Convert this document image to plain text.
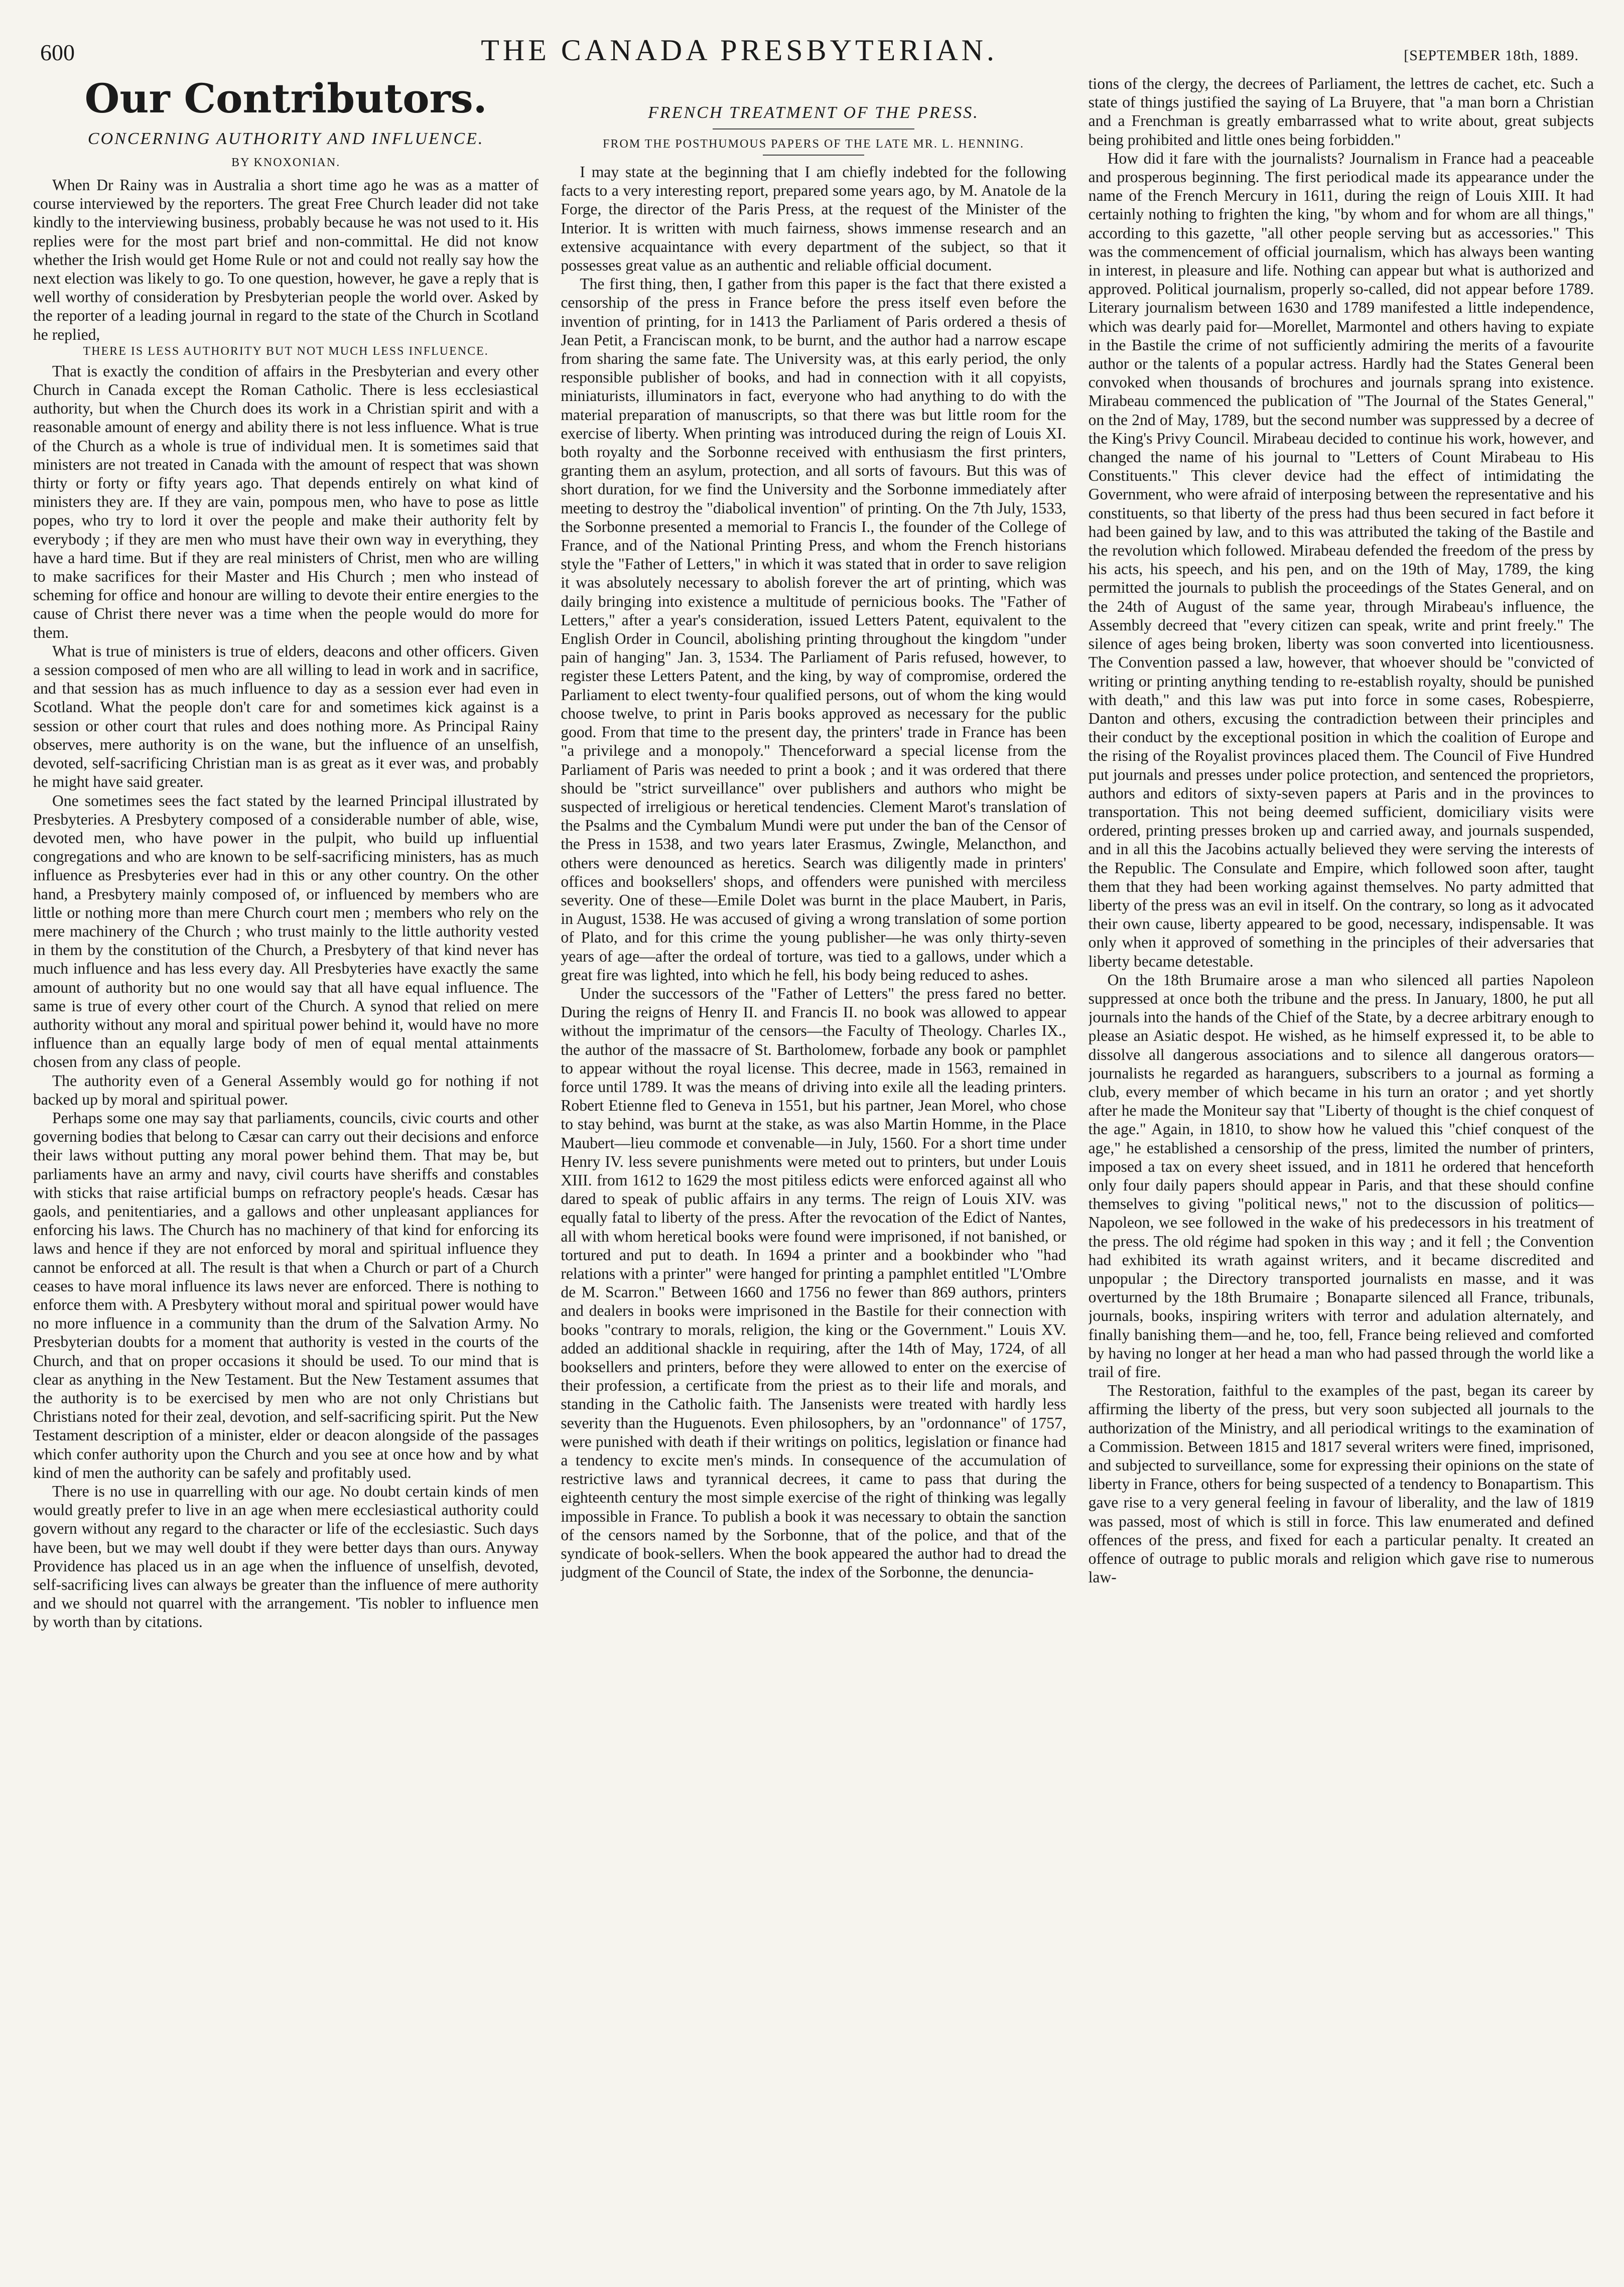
600	THE CANADA PRESBYTERIAN.	[SEPTEMBER 18th, 1889.
Our Contributors.
CONCERNING AUTHORITY AND INFLUENCE.
BY KNOXONIAN.

When Dr Rainy was in Australia a short time ago he was as a matter of course interviewed by the reporters. The great Free Church leader did not take kindly to the interviewing business, probably because he was not used to it. His replies were for the most part brief and non-committal. He did not know whether the Irish would get Home Rule or not and could not really say how the next election was likely to go. To one question, however, he gave a reply that is well worthy of consideration by Presbyterian people the world over. Asked by the reporter of a leading journal in regard to the state of the Church in Scotland he replied,

THERE IS LESS AUTHORITY BUT NOT MUCH LESS INFLUENCE.

That is exactly the condition of affairs in the Presbyterian and every other Church in Canada except the Roman Catholic. There is less ecclesiastical authority, but when the Church does its work in a Christian spirit and with a reasonable amount of energy and ability there is not less influence. What is true of the Church as a whole is true of individual men. It is sometimes said that ministers are not treated in Canada with the amount of respect that was shown thirty or forty or fifty years ago. That depends entirely on what kind of ministers they are. If they are vain, pompous men, who have to pose as little popes, who try to lord it over the people and make their authority felt by everybody ; if they are men who must have their own way in everything, they have a hard time. But if they are real ministers of Christ, men who are willing to make sacrifices for their Master and His Church ; men who instead of scheming for office and honour are willing to devote their entire energies to the cause of Christ there never was a time when the people would do more for them.

What is true of ministers is true of elders, deacons and other officers. Given a session composed of men who are all willing to lead in work and in sacrifice, and that session has as much influence to day as a session ever had even in Scotland. What the people don't care for and sometimes kick against is a session or other court that rules and does nothing more. As Principal Rainy observes, mere authority is on the wane, but the influence of an unselfish, devoted, self-sacrificing Christian man is as great as it ever was, and probably he might have said greater.

One sometimes sees the fact stated by the learned Principal illustrated by Presbyteries. A Presbytery composed of a considerable number of able, wise, devoted men, who have power in the pulpit, who build up influential congregations and who are known to be self-sacrificing ministers, has as much influence as Presbyteries ever had in this or any other country. On the other hand, a Presbytery mainly composed of, or influenced by members who are little or nothing more than mere Church court men ; members who rely on the mere machinery of the Church ; who trust mainly to the little authority vested in them by the constitution of the Church, a Presbytery of that kind never has much influence and has less every day. All Presbyteries have exactly the same amount of authority but no one would say that all have equal influence. The same is true of every other court of the Church. A synod that relied on mere authority without any moral and spiritual power behind it, would have no more influence than an equally large body of men of equal mental attainments chosen from any class of people.

The authority even of a General Assembly would go for nothing if not backed up by moral and spiritual power.

Perhaps some one may say that parliaments, councils, civic courts and other governing bodies that belong to Cæsar can carry out their decisions and enforce their laws without putting any moral power behind them. That may be, but parliaments have an army and navy, civil courts have sheriffs and constables with sticks that raise artificial bumps on refractory people's heads. Cæsar has gaols, and penitentiaries, and a gallows and other unpleasant appliances for enforcing his laws. The Church has no machinery of that kind for enforcing its laws and hence if they are not enforced by moral and spiritual influence they cannot be enforced at all. The result is that when a Church or part of a Church ceases to have moral influence its laws never are enforced. There is nothing to enforce them with. A Presbytery without moral and spiritual power would have no more influence in a community than the drum of the Salvation Army. No Presbyterian doubts for a moment that authority is vested in the courts of the Church, and that on proper occasions it should be used. To our mind that is clear as anything in the New Testament. But the New Testament assumes that the authority is to be exercised by men who are not only Christians but Christians noted for their zeal, devotion, and self-sacrificing spirit. Put the New Testament description of a minister, elder or deacon alongside of the passages which confer authority upon the Church and you see at once how and by what kind of men the authority can be safely and profitably used.

There is no use in quarrelling with our age. No doubt certain kinds of men would greatly prefer to live in an age when mere ecclesiastical authority could govern without any regard to the character or life of the ecclesiastic. Such days have been, but we may well doubt if they were better days than ours. Anyway Providence has placed us in an age when the influence of unselfish, devoted, self-sacrificing lives can always be greater than the influence of mere authority and we should not quarrel with the arrangement. 'Tis nobler to influence men by worth than by citations.

FRENCH TREATMENT OF THE PRESS.
FROM THE POSTHUMOUS PAPERS OF THE LATE MR. L. HENNING.

I may state at the beginning that I am chiefly indebted for the following facts to a very interesting report, prepared some years ago, by M. Anatole de la Forge, the director of the Paris Press, at the request of the Minister of the Interior. It is written with much fairness, shows immense research and an extensive acquaintance with every department of the subject, so that it possesses great value as an authentic and reliable official document.

The first thing, then, I gather from this paper is the fact that there existed a censorship of the press in France before the press itself even before the invention of printing, for in 1413 the Parliament of Paris ordered a thesis of Jean Petit, a Franciscan monk, to be burnt, and the author had a narrow escape from sharing the same fate. The University was, at this early period, the only responsible publisher of books, and had in connection with it all copyists, miniaturists, illuminators in fact, everyone who had anything to do with the material preparation of manuscripts, so that there was but little room for the exercise of liberty. When printing was introduced during the reign of Louis XI. both royalty and the Sorbonne received with enthusiasm the first printers, granting them an asylum, protection, and all sorts of favours. But this was of short duration, for we find the University and the Sorbonne immediately after meeting to destroy the "diabolical invention" of printing. On the 7th July, 1533, the Sorbonne presented a memorial to Francis I., the founder of the College of France, and of the National Printing Press, and whom the French historians style the "Father of Letters," in which it was stated that in order to save religion it was absolutely necessary to abolish forever the art of printing, which was daily bringing into existence a multitude of pernicious books. The "Father of Letters," after a year's consideration, issued Letters Patent, equivalent to the English Order in Council, abolishing printing throughout the kingdom "under pain of hanging" Jan. 3, 1534. The Parliament of Paris refused, however, to register these Letters Patent, and the king, by way of compromise, ordered the Parliament to elect twenty-four qualified persons, out of whom the king would choose twelve, to print in Paris books approved as necessary for the public good. From that time to the present day, the printers' trade in France has been "a privilege and a monopoly." Thenceforward a special license from the Parliament of Paris was needed to print a book ; and it was ordered that there should be "strict surveillance" over publishers and authors who might be suspected of irreligious or heretical tendencies. Clement Marot's translation of the Psalms and the Cymbalum Mundi were put under the ban of the Censor of the Press in 1538, and two years later Erasmus, Zwingle, Melancthon, and others were denounced as heretics. Search was diligently made in printers' offices and booksellers' shops, and offenders were punished with merciless severity. One of these—Emile Dolet was burnt in the place Maubert, in Paris, in August, 1538. He was accused of giving a wrong translation of some portion of Plato, and for this crime the young publisher—he was only thirty-seven years of age—after the ordeal of torture, was tied to a gallows, under which a great fire was lighted, into which he fell, his body being reduced to ashes.

Under the successors of the "Father of Letters" the press fared no better. During the reigns of Henry II. and Francis II. no book was allowed to appear without the imprimatur of the censors—the Faculty of Theology. Charles IX., the author of the massacre of St. Bartholomew, forbade any book or pamphlet to appear without the royal license. This decree, made in 1563, remained in force until 1789. It was the means of driving into exile all the leading printers. Robert Etienne fled to Geneva in 1551, but his partner, Jean Morel, who chose to stay behind, was burnt at the stake, as was also Martin Homme, in the Place Maubert—lieu commode et convenable—in July, 1560. For a short time under Henry IV. less severe punishments were meted out to printers, but under Louis XIII. from 1612 to 1629 the most pitiless edicts were enforced against all who dared to speak of public affairs in any terms. The reign of Louis XIV. was equally fatal to liberty of the press. After the revocation of the Edict of Nantes, all with whom heretical books were found were imprisoned, if not banished, or tortured and put to death. In 1694 a printer and a bookbinder who "had relations with a printer" were hanged for printing a pamphlet entitled "L'Ombre de M. Scarron." Between 1660 and 1756 no fewer than 869 authors, printers and dealers in books were imprisoned in the Bastile for their connection with books "contrary to morals, religion, the king or the Government." Louis XV. added an additional shackle in requiring, after the 14th of May, 1724, of all booksellers and printers, before they were allowed to enter on the exercise of their profession, a certificate from the priest as to their life and morals, and standing in the Catholic faith. The Jansenists were treated with hardly less severity than the Huguenots. Even philosophers, by an "ordonnance" of 1757, were punished with death if their writings on politics, legislation or finance had a tendency to excite men's minds. In consequence of the accumulation of restrictive laws and tyrannical decrees, it came to pass that during the eighteenth century the most simple exercise of the right of thinking was legally impossible in France. To publish a book it was necessary to obtain the sanction of the censors named by the Sorbonne, that of the police, and that of the syndicate of book-sellers. When the book appeared the author had to dread the judgment of the Council of State, the index of the Sorbonne, the denuncia-

tions of the clergy, the decrees of Parliament, the lettres de cachet, etc. Such a state of things justified the saying of La Bruyere, that "a man born a Christian and a Frenchman is greatly embarrassed what to write about, great subjects being prohibited and little ones being forbidden."

How did it fare with the journalists? Journalism in France had a peaceable and prosperous beginning. The first periodical made its appearance under the name of the French Mercury in 1611, during the reign of Louis XIII. It had certainly nothing to frighten the king, "by whom and for whom are all things," according to this gazette, "all other people serving but as accessories." This was the commencement of official journalism, which has always been wanting in interest, in pleasure and life. Nothing can appear but what is authorized and approved. Political journalism, properly so-called, did not appear before 1789. Literary journalism between 1630 and 1789 manifested a little independence, which was dearly paid for—Morellet, Marmontel and others having to expiate in the Bastile the crime of not sufficiently admiring the merits of a favourite author or the talents of a popular actress. Hardly had the States General been convoked when thousands of brochures and journals sprang into existence. Mirabeau commenced the publication of "The Journal of the States General," on the 2nd of May, 1789, but the second number was suppressed by a decree of the King's Privy Council. Mirabeau decided to continue his work, however, and changed the name of his journal to "Letters of Count Mirabeau to His Constituents." This clever device had the effect of intimidating the Government, who were afraid of interposing between the representative and his constituents, so that liberty of the press had thus been secured in fact before it had been gained by law, and to this was attributed the taking of the Bastile and the revolution which followed. Mirabeau defended the freedom of the press by his acts, his speech, and his pen, and on the 19th of May, 1789, the king permitted the journals to publish the proceedings of the States General, and on the 24th of August of the same year, through Mirabeau's influence, the Assembly decreed that "every citizen can speak, write and print freely." The silence of ages being broken, liberty was soon converted into licentiousness. The Convention passed a law, however, that whoever should be "convicted of writing or printing anything tending to re-establish royalty, should be punished with death," and this law was put into force in some cases, Robespierre, Danton and others, excusing the contradiction between their principles and their conduct by the exceptional position in which the coalition of Europe and the rising of the Royalist provinces placed them. The Council of Five Hundred put journals and presses under police protection, and sentenced the proprietors, authors and editors of sixty-seven papers at Paris and in the provinces to transportation. This not being deemed sufficient, domiciliary visits were ordered, printing presses broken up and carried away, and journals suspended, and in all this the Jacobins actually believed they were serving the interests of the Republic. The Consulate and Empire, which followed soon after, taught them that they had been working against themselves. No party admitted that liberty of the press was an evil in itself. On the contrary, so long as it advocated their own cause, liberty appeared to be good, necessary, indispensable. It was only when it approved of something in the principles of their adversaries that liberty became detestable.

On the 18th Brumaire arose a man who silenced all parties Napoleon suppressed at once both the tribune and the press. In January, 1800, he put all journals into the hands of the Chief of the State, by a decree arbitrary enough to please an Asiatic despot. He wished, as he himself expressed it, to be able to dissolve all dangerous associations and to silence all dangerous orators—journalists he regarded as haranguers, subscribers to a journal as forming a club, every member of which became in his turn an orator ; and yet shortly after he made the Moniteur say that "Liberty of thought is the chief conquest of the age." Again, in 1810, to show how he valued this "chief conquest of the age," he established a censorship of the press, limited the number of printers, imposed a tax on every sheet issued, and in 1811 he ordered that henceforth only four daily papers should appear in Paris, and that these should confine themselves to giving "political news," not to the discussion of politics—Napoleon, we see followed in the wake of his predecessors in his treatment of the press. The old régime had spoken in this way ; and it fell ; the Convention had exhibited its wrath against writers, and it became discredited and unpopular ; the Directory transported journalists en masse, and it was overturned by the 18th Brumaire ; Bonaparte silenced all France, tribunals, journals, books, inspiring writers with terror and adulation alternately, and finally banishing them—and he, too, fell, France being relieved and comforted by having no longer at her head a man who had passed through the world like a trail of fire.

The Restoration, faithful to the examples of the past, began its career by affirming the liberty of the press, but very soon subjected all journals to the authorization of the Ministry, and all periodical writings to the examination of a Commission. Between 1815 and 1817 several writers were fined, imprisoned, and subjected to surveillance, some for expressing their opinions on the state of liberty in France, others for being suspected of a tendency to Bonapartism. This gave rise to a very general feeling in favour of liberality, and the law of 1819 was passed, most of which is still in force. This law enumerated and defined offences of the press, and fixed for each a particular penalty. It created an offence of outrage to public morals and religion which gave rise to numerous law-
